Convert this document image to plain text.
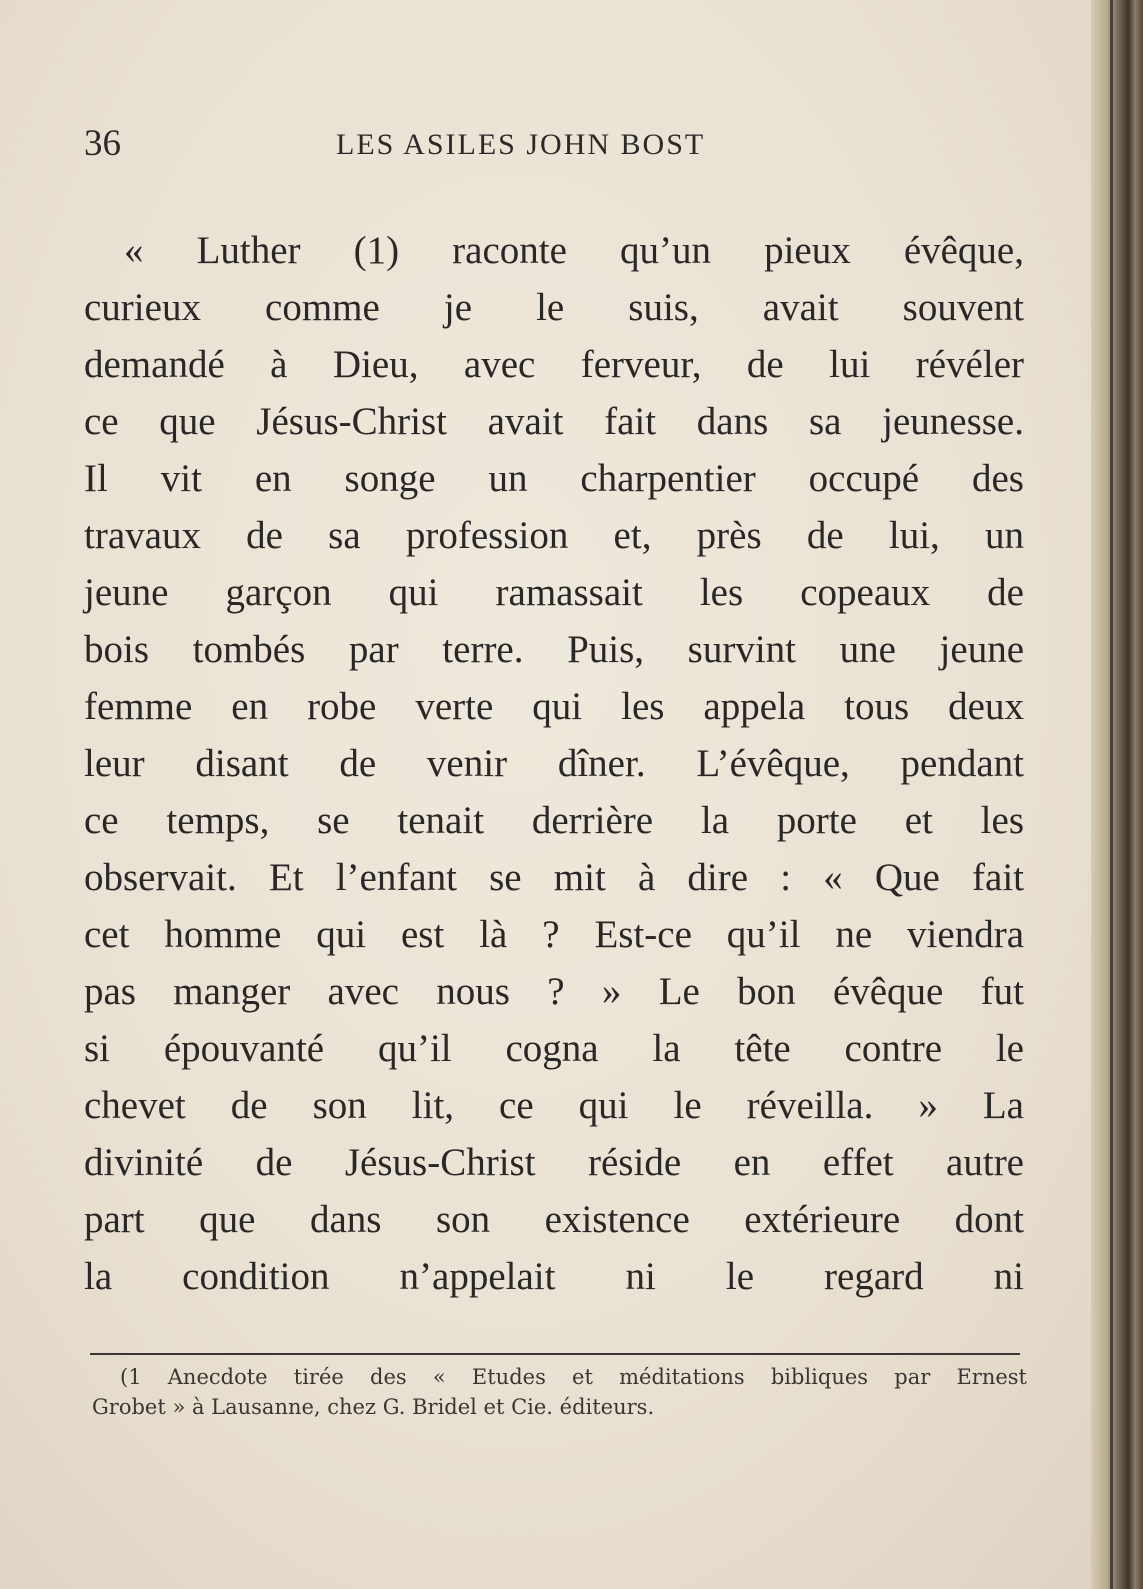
36	LES ASILES JOHN BOST
« Luther (1) raconte qu’un pieux évêque,
curieux comme je le suis, avait souvent
demandé à Dieu, avec ferveur, de lui révéler
ce que Jésus-Christ avait fait dans sa jeunesse.
Il vit en songe un charpentier occupé des
travaux de sa profession et, près de lui, un
jeune garçon qui ramassait les copeaux de
bois tombés par terre. Puis, survint une jeune
femme en robe verte qui les appela tous deux
leur disant de venir dîner. L’évêque, pendant
ce temps, se tenait derrière la porte et les
observait. Et l’enfant se mit à dire : « Que fait
cet homme qui est là ? Est-ce qu’il ne viendra
pas manger avec nous ? » Le bon évêque fut
si épouvanté qu’il cogna la tête contre le
chevet de son lit, ce qui le réveilla. » La
divinité de Jésus-Christ réside en effet autre
part que dans son existence extérieure dont
la condition n’appelait ni le regard ni
(1 Anecdote tirée des « Etudes et méditations bibliques par Ernest
Grobet » à Lausanne, chez G. Bridel et Cie. éditeurs.
